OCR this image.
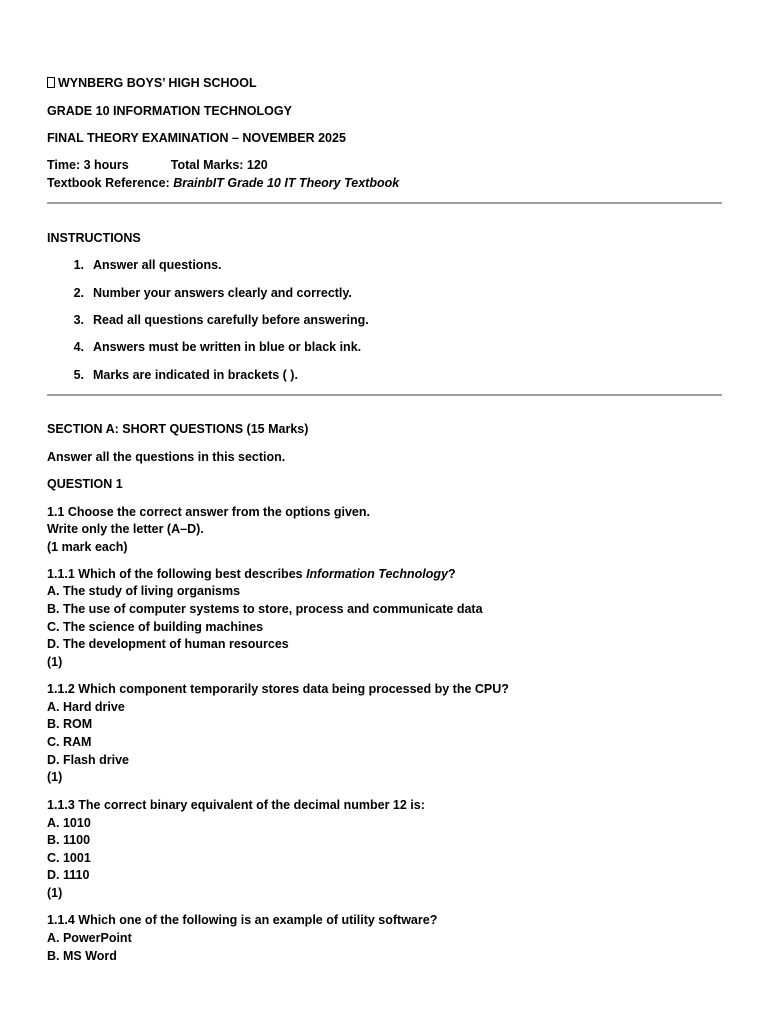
WYNBERG BOYS’ HIGH SCHOOL
GRADE 10 INFORMATION TECHNOLOGY
FINAL THEORY EXAMINATION – NOVEMBER 2025
Time: 3 hours	Total Marks: 120
Textbook Reference: BrainbIT Grade 10 IT Theory Textbook
INSTRUCTIONS
1. Answer all questions.
2. Number your answers clearly and correctly.
3. Read all questions carefully before answering.
4. Answers must be written in blue or black ink.
5. Marks are indicated in brackets ( ).
SECTION A: SHORT QUESTIONS (15 Marks)
Answer all the questions in this section.
QUESTION 1
1.1 Choose the correct answer from the options given.
Write only the letter (A–D).
(1 mark each)
1.1.1 Which of the following best describes Information Technology?
A. The study of living organisms
B. The use of computer systems to store, process and communicate data
C. The science of building machines
D. The development of human resources
(1)
1.1.2 Which component temporarily stores data being processed by the CPU?
A. Hard drive
B. ROM
C. RAM
D. Flash drive
(1)
1.1.3 The correct binary equivalent of the decimal number 12 is:
A. 1010
B. 1100
C. 1001
D. 1110
(1)
1.1.4 Which one of the following is an example of utility software?
A. PowerPoint
B. MS Word
